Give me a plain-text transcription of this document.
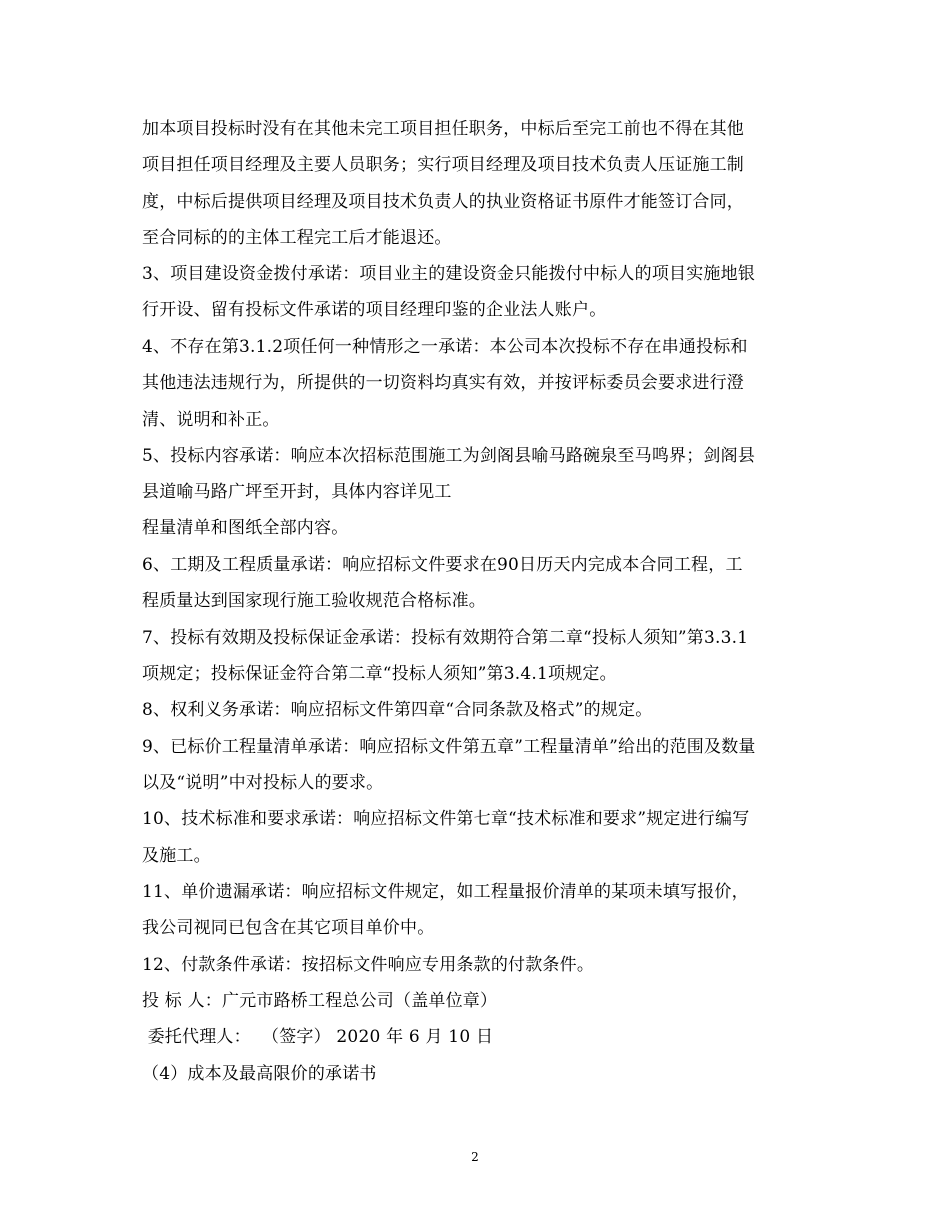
加本项目投标时没有在其他未完工项目担任职务，中标后至完工前也不得在其他
项目担任项目经理及主要人员职务；实行项目经理及项目技术负责人压证施工制
度，中标后提供项目经理及项目技术负责人的执业资格证书原件才能签订合同，
至合同标的的主体工程完工后才能退还。
3、项目建设资金拨付承诺：项目业主的建设资金只能拨付中标人的项目实施地银
行开设、留有投标文件承诺的项目经理印鉴的企业法人账户。
4、不存在第3.1.2项任何一种情形之一承诺：本公司本次投标不存在串通投标和
其他违法违规行为，所提供的一切资料均真实有效，并按评标委员会要求进行澄
清、说明和补正。
5、投标内容承诺：响应本次招标范围施工为剑阁县喻马路碗泉至马鸣界；剑阁县
县道喻马路广坪至开封，具体内容详见工
程量清单和图纸全部内容。
6、工期及工程质量承诺：响应招标文件要求在90日历天内完成本合同工程，工
程质量达到国家现行施工验收规范合格标准。
7、投标有效期及投标保证金承诺：投标有效期符合第二章“投标人须知”第3.3.1
项规定；投标保证金符合第二章“投标人须知”第3.4.1项规定。
8、权利义务承诺：响应招标文件第四章“合同条款及格式”的规定。
9、已标价工程量清单承诺：响应招标文件第五章”工程量清单”给出的范围及数量
以及“说明”中对投标人的要求。
10、技术标准和要求承诺：响应招标文件第七章“技术标准和要求”规定进行编写
及施工。
11、单价遗漏承诺：响应招标文件规定，如工程量报价清单的某项未填写报价，
我公司视同已包含在其它项目单价中。
12、付款条件承诺：按招标文件响应专用条款的付款条件。
投 标 人：广元市路桥工程总公司（盖单位章）
委托代理人：  （签字） 2020 年 6 月 10 日
（4）成本及最高限价的承诺书
2
